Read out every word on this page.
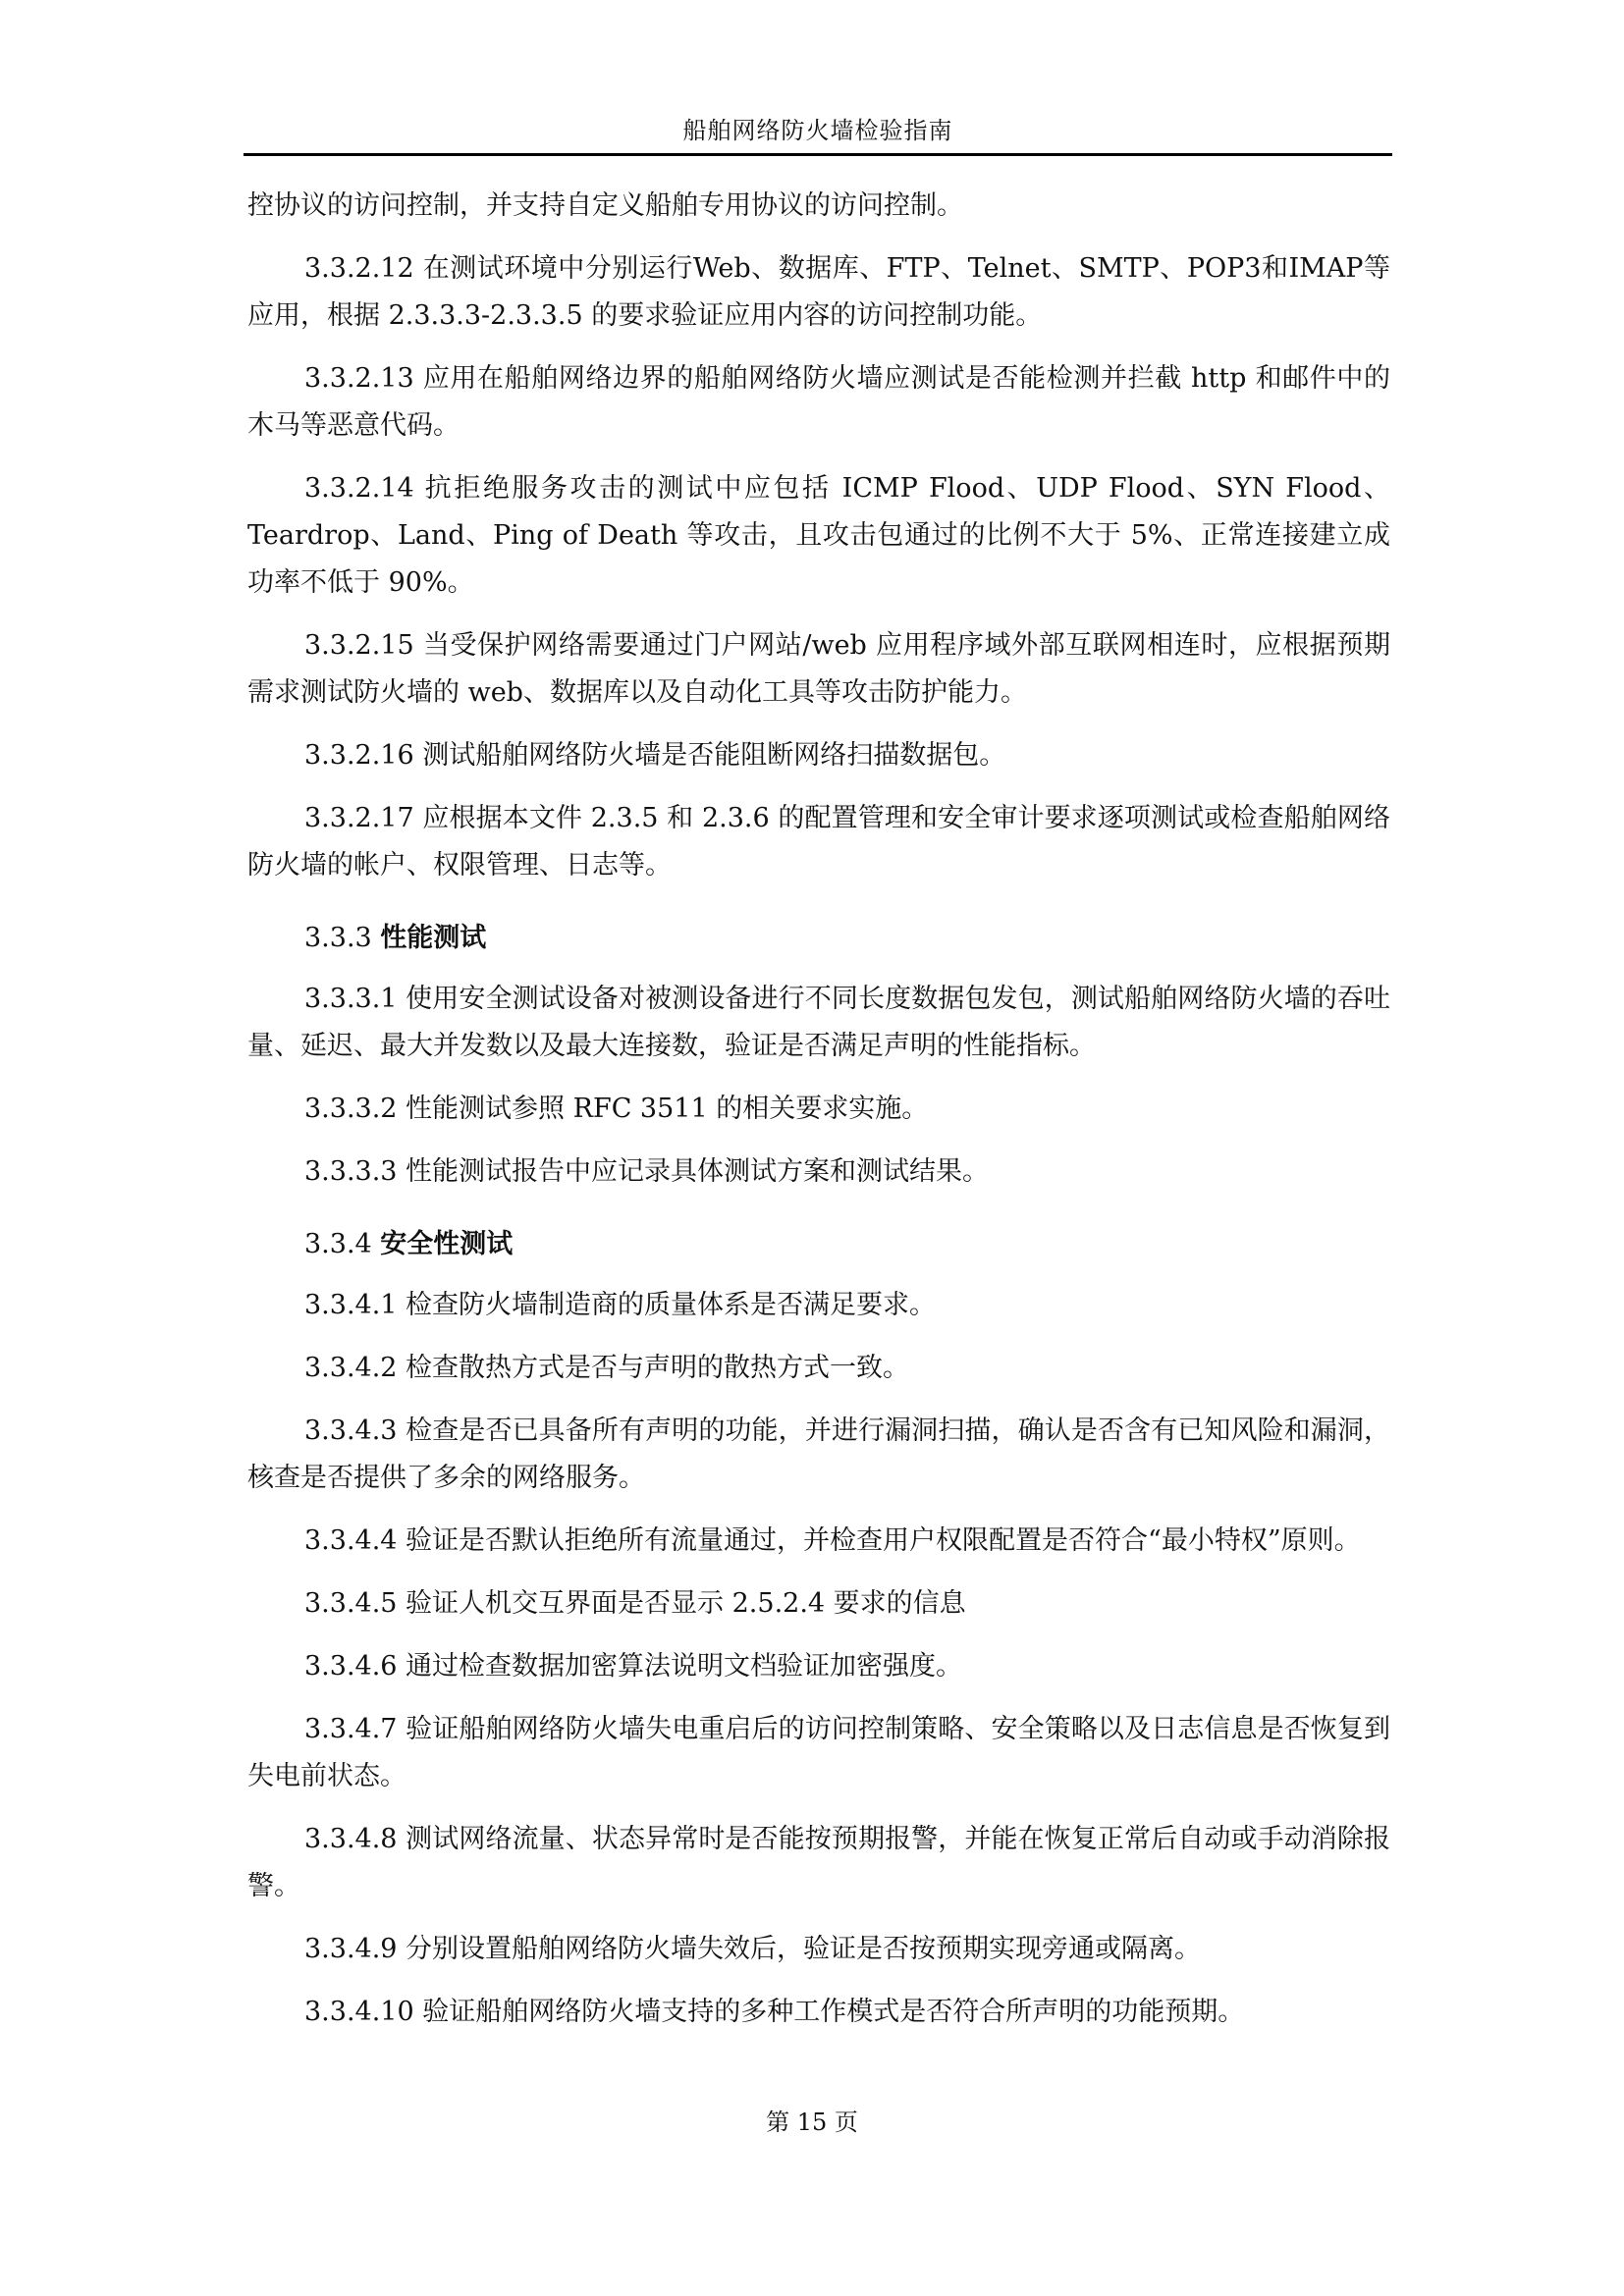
船舶网络防火墙检验指南

控协议的访问控制，并支持自定义船舶专用协议的访问控制。

3.3.2.12 在测试环境中分别运行Web、数据库、FTP、Telnet、SMTP、POP3和IMAP等应用，根据 2.3.3.3-2.3.3.5 的要求验证应用内容的访问控制功能。

3.3.2.13 应用在船舶网络边界的船舶网络防火墙应测试是否能检测并拦截 http 和邮件中的木马等恶意代码。

3.3.2.14 抗拒绝服务攻击的测试中应包括 ICMP Flood、UDP Flood、SYN Flood、Teardrop、Land、Ping of Death 等攻击，且攻击包通过的比例不大于 5%、正常连接建立成功率不低于 90%。

3.3.2.15 当受保护网络需要通过门户网站/web 应用程序域外部互联网相连时，应根据预期需求测试防火墙的 web、数据库以及自动化工具等攻击防护能力。

3.3.2.16 测试船舶网络防火墙是否能阻断网络扫描数据包。

3.3.2.17 应根据本文件 2.3.5 和 2.3.6 的配置管理和安全审计要求逐项测试或检查船舶网络防火墙的帐户、权限管理、日志等。

3.3.3 性能测试

3.3.3.1 使用安全测试设备对被测设备进行不同长度数据包发包，测试船舶网络防火墙的吞吐量、延迟、最大并发数以及最大连接数，验证是否满足声明的性能指标。

3.3.3.2 性能测试参照 RFC 3511 的相关要求实施。

3.3.3.3 性能测试报告中应记录具体测试方案和测试结果。

3.3.4 安全性测试

3.3.4.1 检查防火墙制造商的质量体系是否满足要求。

3.3.4.2 检查散热方式是否与声明的散热方式一致。

3.3.4.3 检查是否已具备所有声明的功能，并进行漏洞扫描，确认是否含有已知风险和漏洞，核查是否提供了多余的网络服务。

3.3.4.4 验证是否默认拒绝所有流量通过，并检查用户权限配置是否符合“最小特权”原则。

3.3.4.5 验证人机交互界面是否显示 2.5.2.4 要求的信息

3.3.4.6 通过检查数据加密算法说明文档验证加密强度。

3.3.4.7 验证船舶网络防火墙失电重启后的访问控制策略、安全策略以及日志信息是否恢复到失电前状态。

3.3.4.8 测试网络流量、状态异常时是否能按预期报警，并能在恢复正常后自动或手动消除报警。

3.3.4.9 分别设置船舶网络防火墙失效后，验证是否按预期实现旁通或隔离。

3.3.4.10 验证船舶网络防火墙支持的多种工作模式是否符合所声明的功能预期。

第 15 页
